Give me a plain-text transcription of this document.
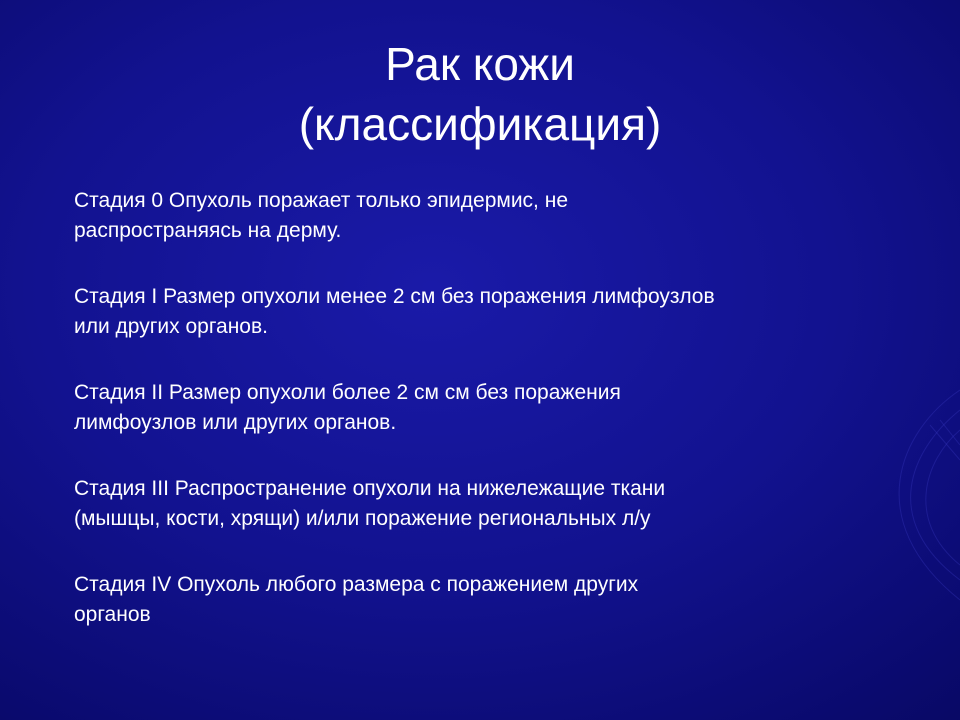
Рак кожи
(классификация)

Стадия 0 Опухоль поражает только эпидермис, не
распространяясь на дерму.

Стадия I Размер опухоли менее 2 см без поражения лимфоузлов
или других органов.

Стадия II Размер опухоли более 2 см см без поражения
лимфоузлов или других органов.

Стадия III Распространение опухоли на нижележащие ткани
(мышцы, кости, хрящи) и/или поражение региональных л/у

Стадия IV Опухоль любого размера с поражением других
органов
